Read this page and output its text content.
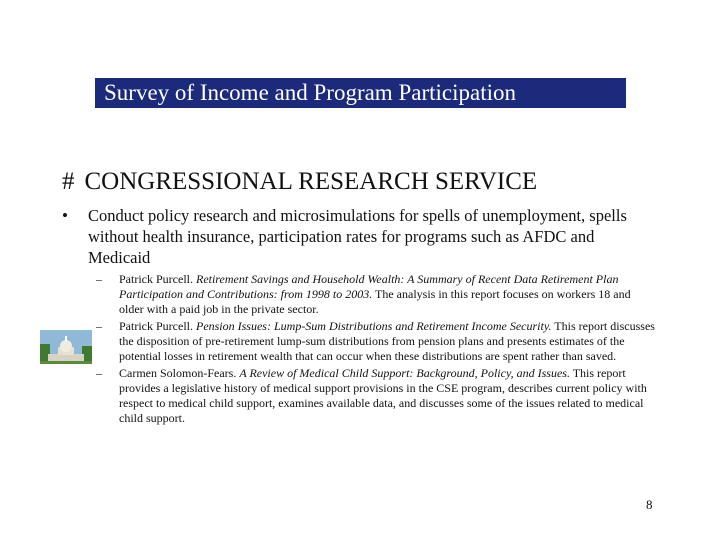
Survey of Income and Program Participation
# CONGRESSIONAL RESEARCH SERVICE
• Conduct policy research and microsimulations for spells of unemployment, spells without health insurance, participation rates for programs such as AFDC and Medicaid
– Patrick Purcell. Retirement Savings and Household Wealth: A Summary of Recent Data Retirement Plan Participation and Contributions: from 1998 to 2003. The analysis in this report focuses on workers 18 and older with a paid job in the private sector.
– Patrick Purcell. Pension Issues: Lump-Sum Distributions and Retirement Income Security. This report discusses the disposition of pre-retirement lump-sum distributions from pension plans and presents estimates of the potential losses in retirement wealth that can occur when these distributions are spent rather than saved.
– Carmen Solomon-Fears. A Review of Medical Child Support: Background, Policy, and Issues. This report provides a legislative history of medical support provisions in the CSE program, describes current policy with respect to medical child support, examines available data, and discusses some of the issues related to medical child support.
8
